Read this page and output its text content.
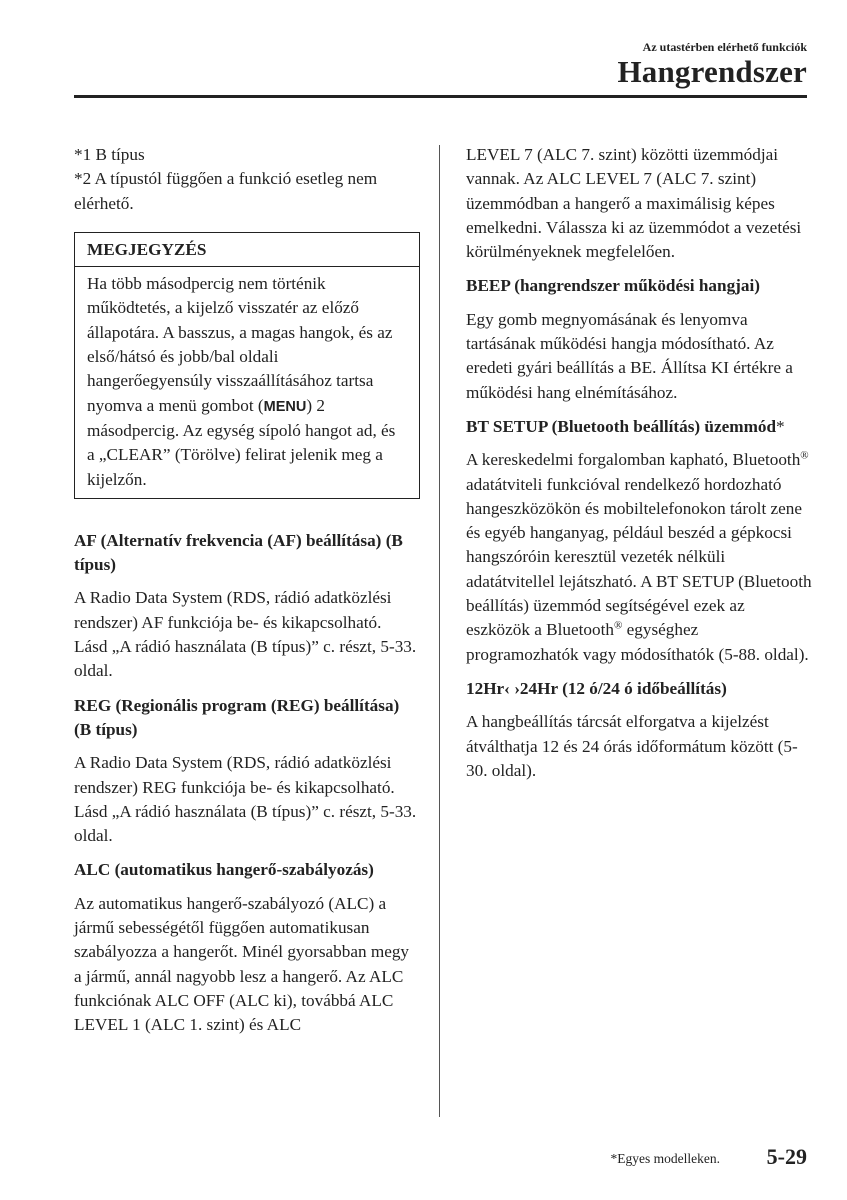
Az utastérben elérhető funkciók
Hangrendszer

*1 B típus

*2 A típustól függően a funkció esetleg nem elérhető.

MEGJEGYZÉS
Ha több másodpercig nem történik működtetés, a kijelző visszatér az előző állapotára. A basszus, a magas hangok, és az első/hátsó és jobb/bal oldali hangerőegyensúly visszaállításához tartsa nyomva a menü gombot (MENU) 2 másodpercig. Az egység sípoló hangot ad, és a „CLEAR” (Törölve) felirat jelenik meg a kijelzőn.
AF (Alternatív frekvencia (AF) beállítása) (B típus)

A Radio Data System (RDS, rádió adatközlési rendszer) AF funkciója be- és kikapcsolható.

Lásd „A rádió használata (B típus)” c. részt, 5-33. oldal.

REG (Regionális program (REG) beállítása) (B típus)

A Radio Data System (RDS, rádió adatközlési rendszer) REG funkciója be- és kikapcsolható.

Lásd „A rádió használata (B típus)” c. részt, 5-33. oldal.

ALC (automatikus hangerő-szabályozás)

Az automatikus hangerő-szabályozó (ALC) a jármű sebességétől függően automatikusan szabályozza a hangerőt. Minél gyorsabban megy a jármű, annál nagyobb lesz a hangerő. Az ALC funkciónak ALC OFF (ALC ki), továbbá ALC LEVEL 1 (ALC 1. szint) és ALC

LEVEL 7 (ALC 7. szint) közötti üzemmódjai vannak. Az ALC LEVEL 7 (ALC 7. szint) üzemmódban a hangerő a maximálisig képes emelkedni. Válassza ki az üzemmódot a vezetési körülményeknek megfelelően.

BEEP (hangrendszer működési hangjai)

Egy gomb megnyomásának és lenyomva tartásának működési hangja módosítható. Az eredeti gyári beállítás a BE. Állítsa KI értékre a működési hang elnémításához.

BT SETUP (Bluetooth beállítás) üzemmód*

A kereskedelmi forgalomban kapható, Bluetooth® adatátviteli funkcióval rendelkező hordozható hangeszközökön és mobiltelefonokon tárolt zene és egyéb hanganyag, például beszéd a gépkocsi hangszóróin keresztül vezeték nélküli adatátvitellel lejátszható. A BT SETUP (Bluetooth beállítás) üzemmód segítségével ezek az eszközök a Bluetooth® egységhez programozhatók vagy módosíthatók (5-88. oldal).

12Hr‹ ›24Hr (12 ó/24 ó időbeállítás)

A hangbeállítás tárcsát elforgatva a kijelzést átválthatja 12 és 24 órás időformátum között (5-30. oldal).

*Egyes modelleken. 5-29
